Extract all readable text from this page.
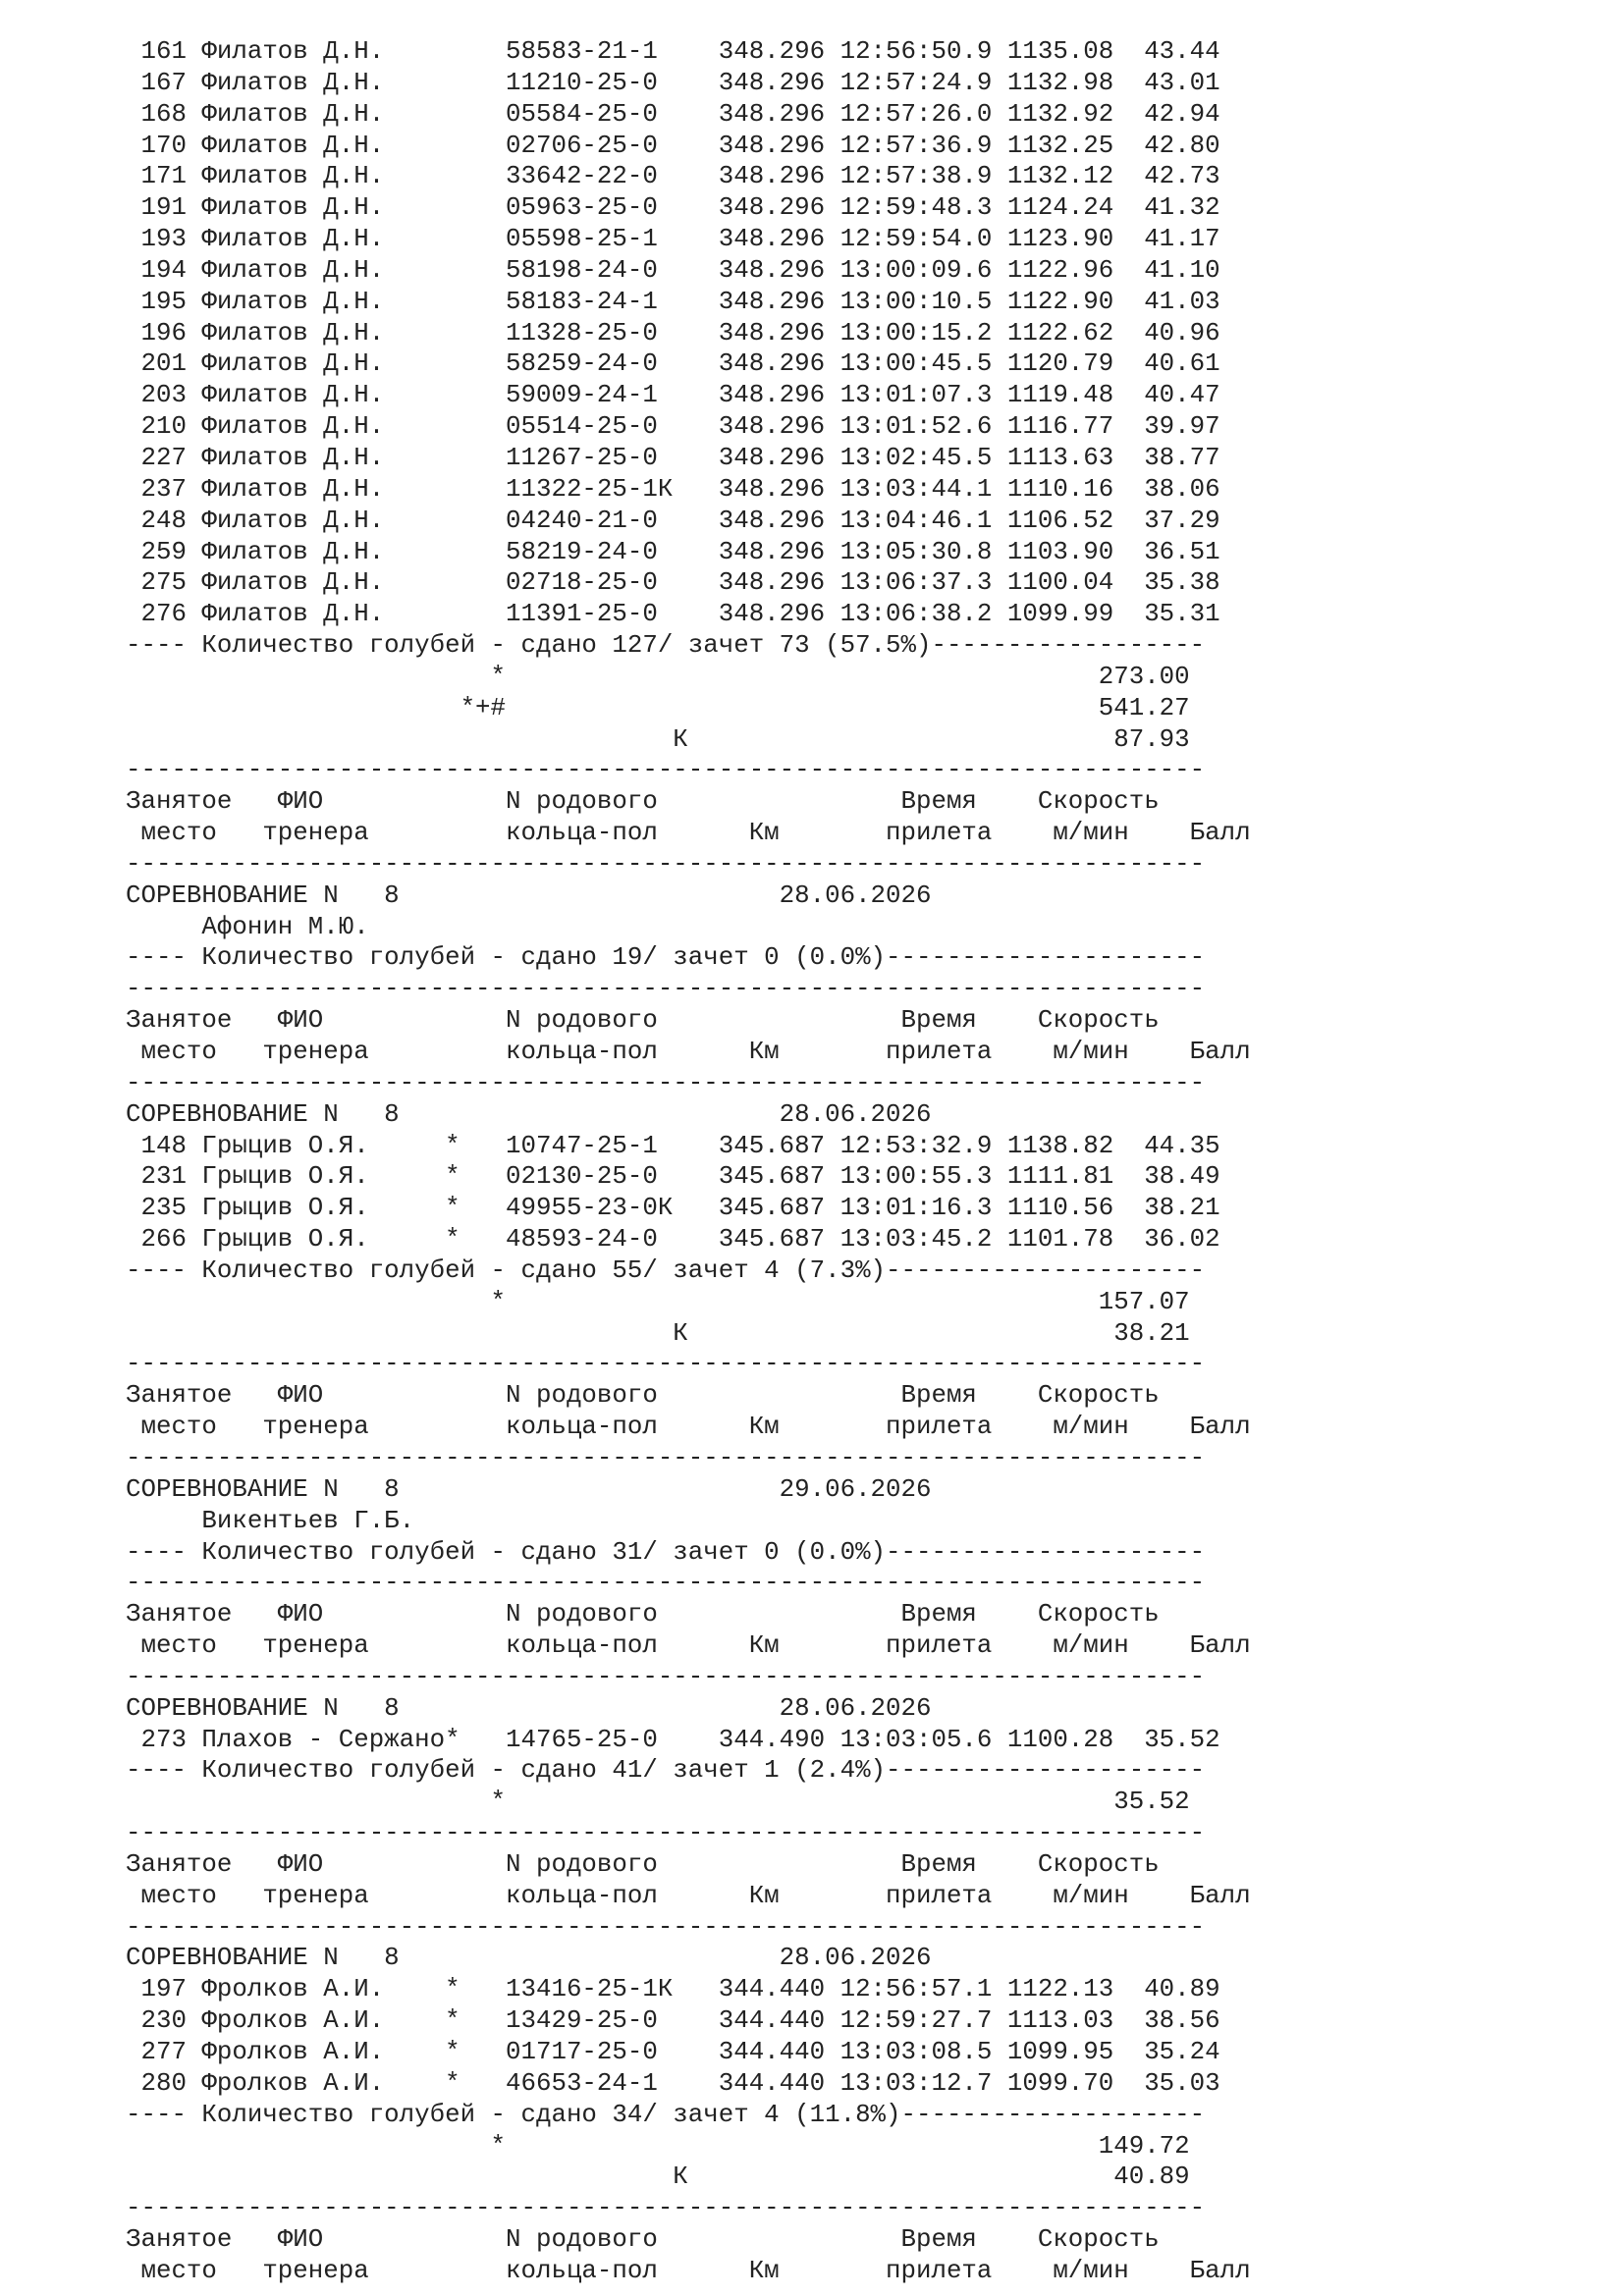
161 Филатов Д.Н.        58583-21-1    348.296 12:56:50.9 1135.08  43.44
167 Филатов Д.Н.        11210-25-0    348.296 12:57:24.9 1132.98  43.01
168 Филатов Д.Н.        05584-25-0    348.296 12:57:26.0 1132.92  42.94
170 Филатов Д.Н.        02706-25-0    348.296 12:57:36.9 1132.25  42.80
171 Филатов Д.Н.        33642-22-0    348.296 12:57:38.9 1132.12  42.73
191 Филатов Д.Н.        05963-25-0    348.296 12:59:48.3 1124.24  41.32
193 Филатов Д.Н.        05598-25-1    348.296 12:59:54.0 1123.90  41.17
194 Филатов Д.Н.        58198-24-0    348.296 13:00:09.6 1122.96  41.10
195 Филатов Д.Н.        58183-24-1    348.296 13:00:10.5 1122.90  41.03
196 Филатов Д.Н.        11328-25-0    348.296 13:00:15.2 1122.62  40.96
201 Филатов Д.Н.        58259-24-0    348.296 13:00:45.5 1120.79  40.61
203 Филатов Д.Н.        59009-24-1    348.296 13:01:07.3 1119.48  40.47
210 Филатов Д.Н.        05514-25-0    348.296 13:01:52.6 1116.77  39.97
227 Филатов Д.Н.        11267-25-0    348.296 13:02:45.5 1113.63  38.77
237 Филатов Д.Н.        11322-25-1К   348.296 13:03:44.1 1110.16  38.06
248 Филатов Д.Н.        04240-21-0    348.296 13:04:46.1 1106.52  37.29
259 Филатов Д.Н.        58219-24-0    348.296 13:05:30.8 1103.90  36.51
275 Филатов Д.Н.        02718-25-0    348.296 13:06:37.3 1100.04  35.38
276 Филатов Д.Н.        11391-25-0    348.296 13:06:38.2 1099.99  35.31
---- Количество голубей - сдано 127/ зачет 73 (57.5%)------------------
*                                       273.00
*+#                                       541.27
К                            87.93
-----------------------------------------------------------------------
Занятое   ФИО            N родового                Время    Скорость
место   тренера         кольца-пол      Км       прилета    м/мин    Балл
-----------------------------------------------------------------------
СОРЕВНОВАНИЕ N   8                         28.06.2026
Афонин М.Ю.
---- Количество голубей - сдано 19/ зачет 0 (0.0%)---------------------
-----------------------------------------------------------------------
Занятое   ФИО            N родового                Время    Скорость
место   тренера         кольца-пол      Км       прилета    м/мин    Балл
-----------------------------------------------------------------------
СОРЕВНОВАНИЕ N   8                         28.06.2026
148 Грыцив О.Я.     *   10747-25-1    345.687 12:53:32.9 1138.82  44.35
231 Грыцив О.Я.     *   02130-25-0    345.687 13:00:55.3 1111.81  38.49
235 Грыцив О.Я.     *   49955-23-0К   345.687 13:01:16.3 1110.56  38.21
266 Грыцив О.Я.     *   48593-24-0    345.687 13:03:45.2 1101.78  36.02
---- Количество голубей - сдано 55/ зачет 4 (7.3%)---------------------
*                                       157.07
К                            38.21
-----------------------------------------------------------------------
Занятое   ФИО            N родового                Время    Скорость
место   тренера         кольца-пол      Км       прилета    м/мин    Балл
-----------------------------------------------------------------------
СОРЕВНОВАНИЕ N   8                         29.06.2026
Викентьев Г.Б.
---- Количество голубей - сдано 31/ зачет 0 (0.0%)---------------------
-----------------------------------------------------------------------
Занятое   ФИО            N родового                Время    Скорость
место   тренера         кольца-пол      Км       прилета    м/мин    Балл
-----------------------------------------------------------------------
СОРЕВНОВАНИЕ N   8                         28.06.2026
273 Плахов - Сержано*   14765-25-0    344.490 13:03:05.6 1100.28  35.52
---- Количество голубей - сдано 41/ зачет 1 (2.4%)---------------------
*                                        35.52
-----------------------------------------------------------------------
Занятое   ФИО            N родового                Время    Скорость
место   тренера         кольца-пол      Км       прилета    м/мин    Балл
-----------------------------------------------------------------------
СОРЕВНОВАНИЕ N   8                         28.06.2026
197 Фролков А.И.    *   13416-25-1К   344.440 12:56:57.1 1122.13  40.89
230 Фролков А.И.    *   13429-25-0    344.440 12:59:27.7 1113.03  38.56
277 Фролков А.И.    *   01717-25-0    344.440 13:03:08.5 1099.95  35.24
280 Фролков А.И.    *   46653-24-1    344.440 13:03:12.7 1099.70  35.03
---- Количество голубей - сдано 34/ зачет 4 (11.8%)--------------------
*                                       149.72
К                            40.89
-----------------------------------------------------------------------
Занятое   ФИО            N родового                Время    Скорость
место   тренера         кольца-пол      Км       прилета    м/мин    Балл
